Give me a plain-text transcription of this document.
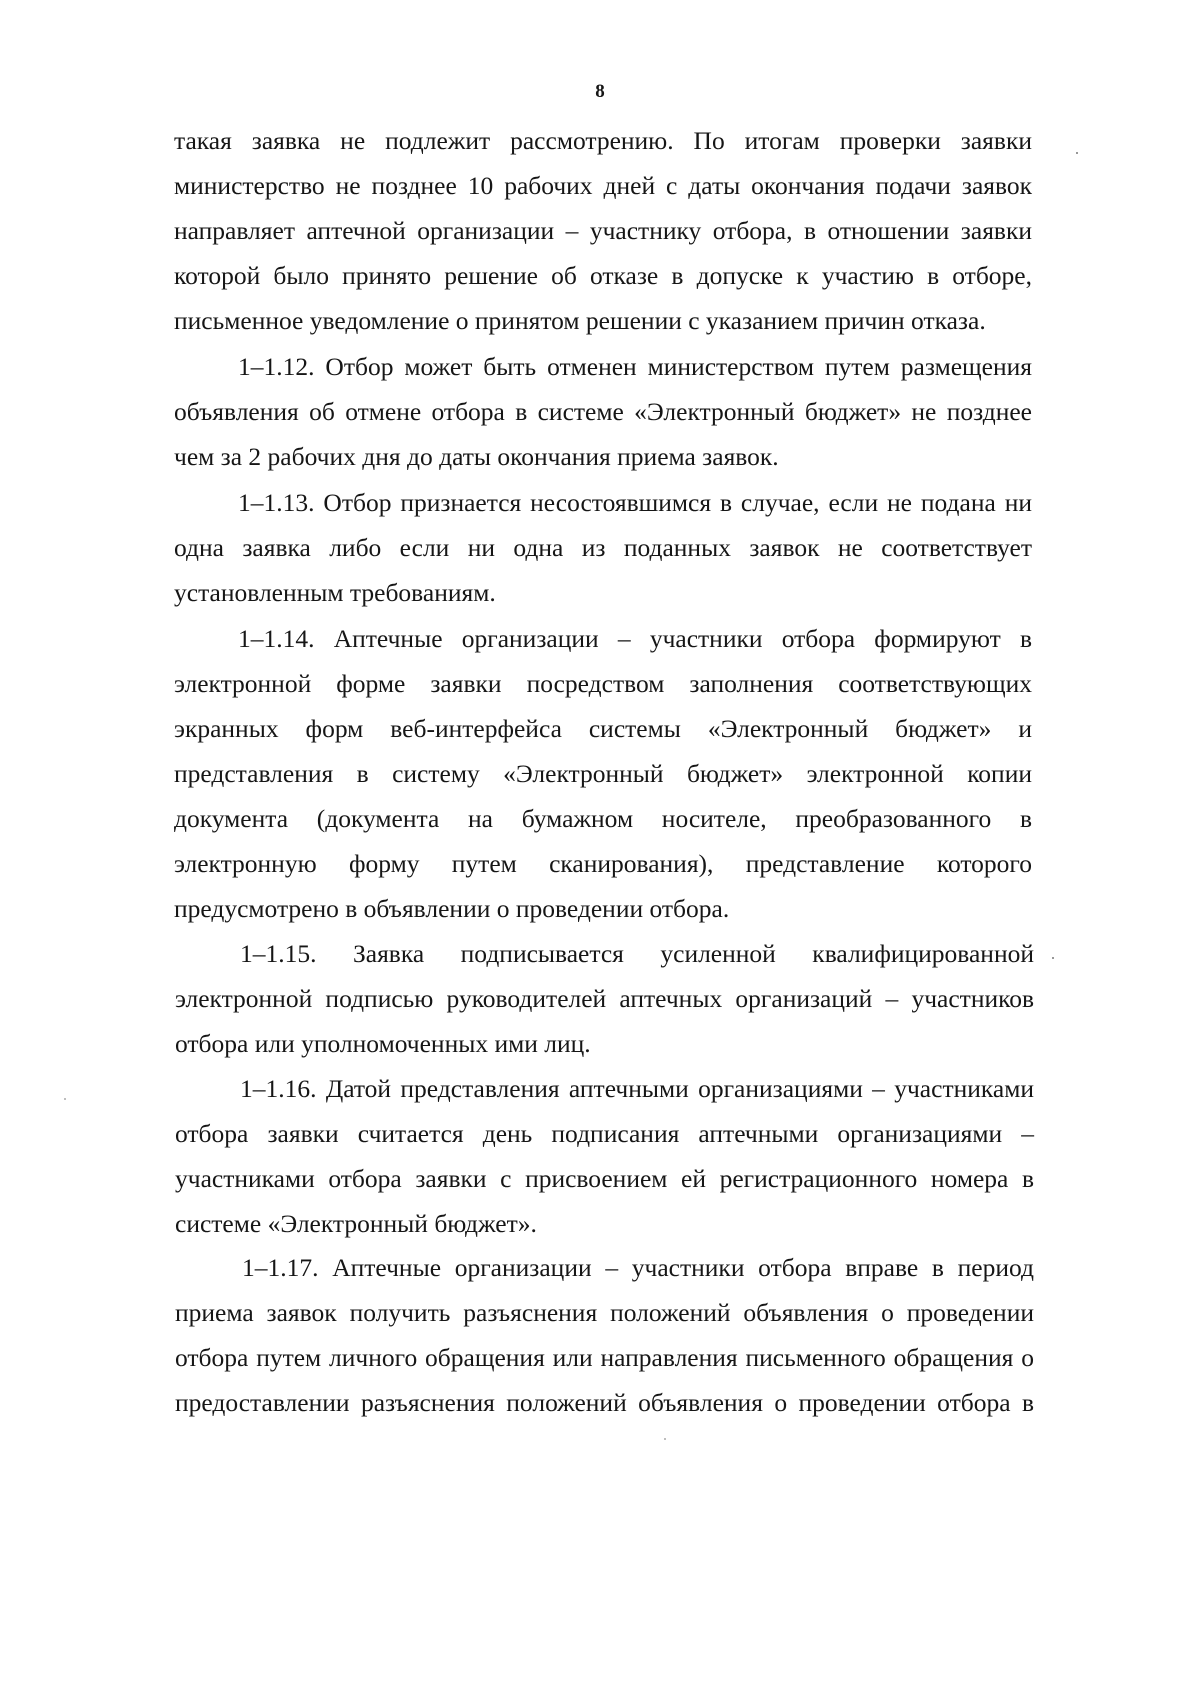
8

такая заявка не подлежит рассмотрению. По итогам проверки заявки

министерство не позднее 10 рабочих дней с даты окончания подачи заявок

направляет аптечной организации – участнику отбора, в отношении заявки

которой было принято решение об отказе в допуске к участию в отборе,

письменное уведомление о принятом решении с указанием причин отказа.

1–1.12. Отбор может быть отменен министерством путем размещения

объявления об отмене отбора в системе «Электронный бюджет» не позднее

чем за 2 рабочих дня до даты окончания приема заявок.

1–1.13. Отбор признается несостоявшимся в случае, если не подана ни

одна заявка либо если ни одна из поданных заявок не соответствует

установленным требованиям.

1–1.14. Аптечные организации – участники отбора формируют в

электронной форме заявки посредством заполнения соответствующих

экранных форм веб-интерфейса системы «Электронный бюджет» и

представления в систему «Электронный бюджет» электронной копии

документа (документа на бумажном носителе, преобразованного в

электронную форму путем сканирования), представление которого

предусмотрено в объявлении о проведении отбора.

1–1.15. Заявка подписывается усиленной квалифицированной

электронной подписью руководителей аптечных организаций – участников

отбора или уполномоченных ими лиц.

1–1.16. Датой представления аптечными организациями – участниками

отбора заявки считается день подписания аптечными организациями –

участниками отбора заявки с присвоением ей регистрационного номера в

системе «Электронный бюджет».

1–1.17. Аптечные организации – участники отбора вправе в период

приема заявок получить разъяснения положений объявления о проведении

отбора путем личного обращения или направления письменного обращения о

предоставлении разъяснения положений объявления о проведении отбора в
